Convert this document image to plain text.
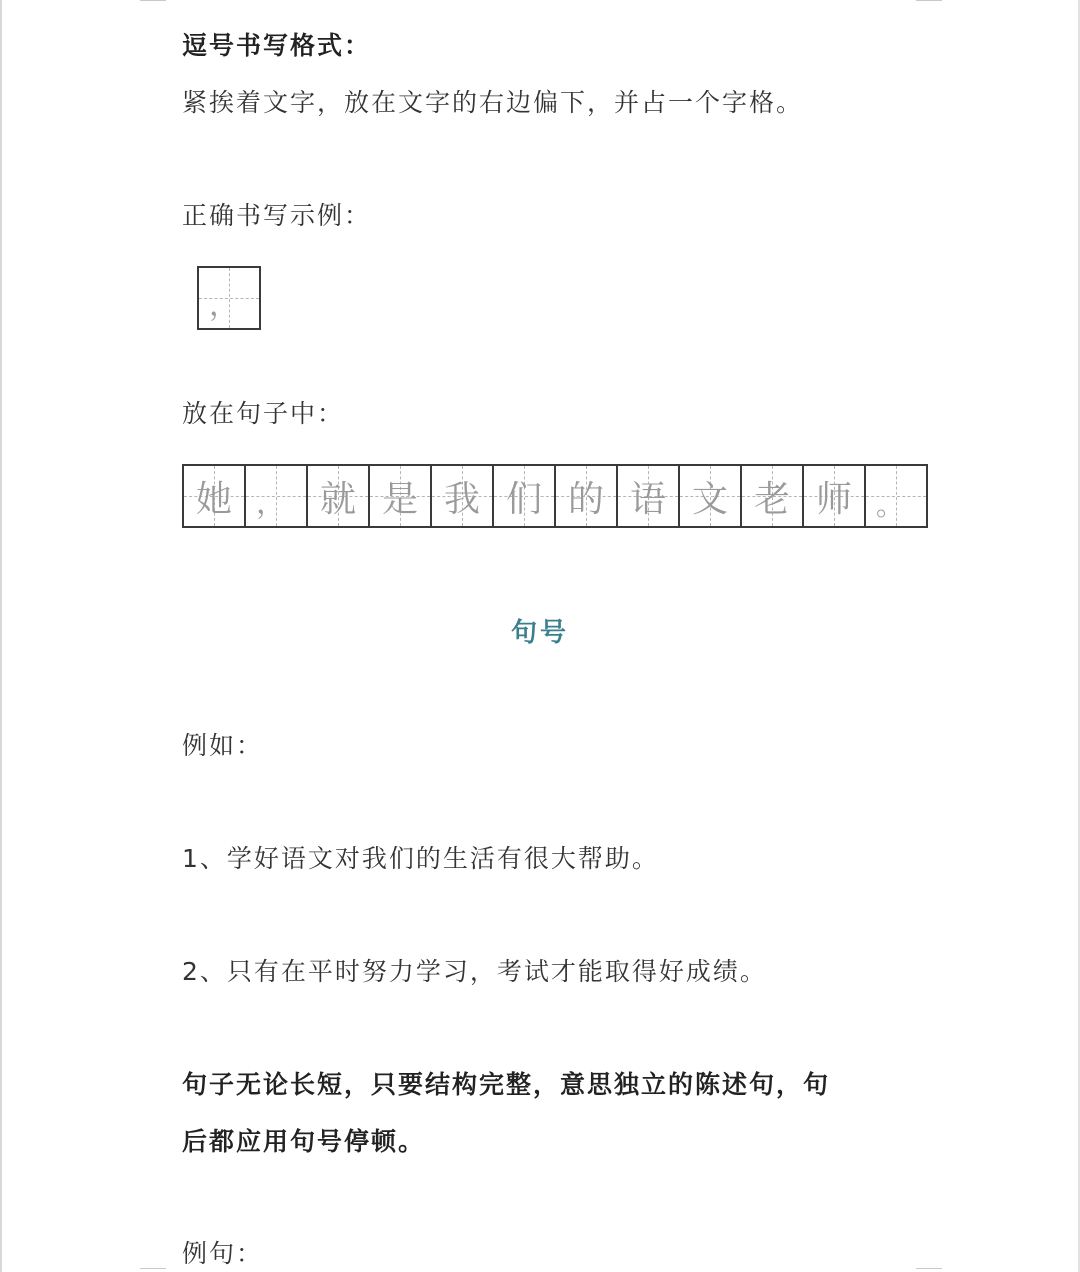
逗号书写格式：
紧挨着文字，放在文字的右边偏下，并占一个字格。
正确书写示例：
，
放在句子中：
她 ， 就 是 我 们 的 语 文 老 师 。
句号
例如：
1、学好语文对我们的生活有很大帮助。
2、只有在平时努力学习，考试才能取得好成绩。
句子无论长短，只要结构完整，意思独立的陈述句，句
后都应用句号停顿。
例句：
